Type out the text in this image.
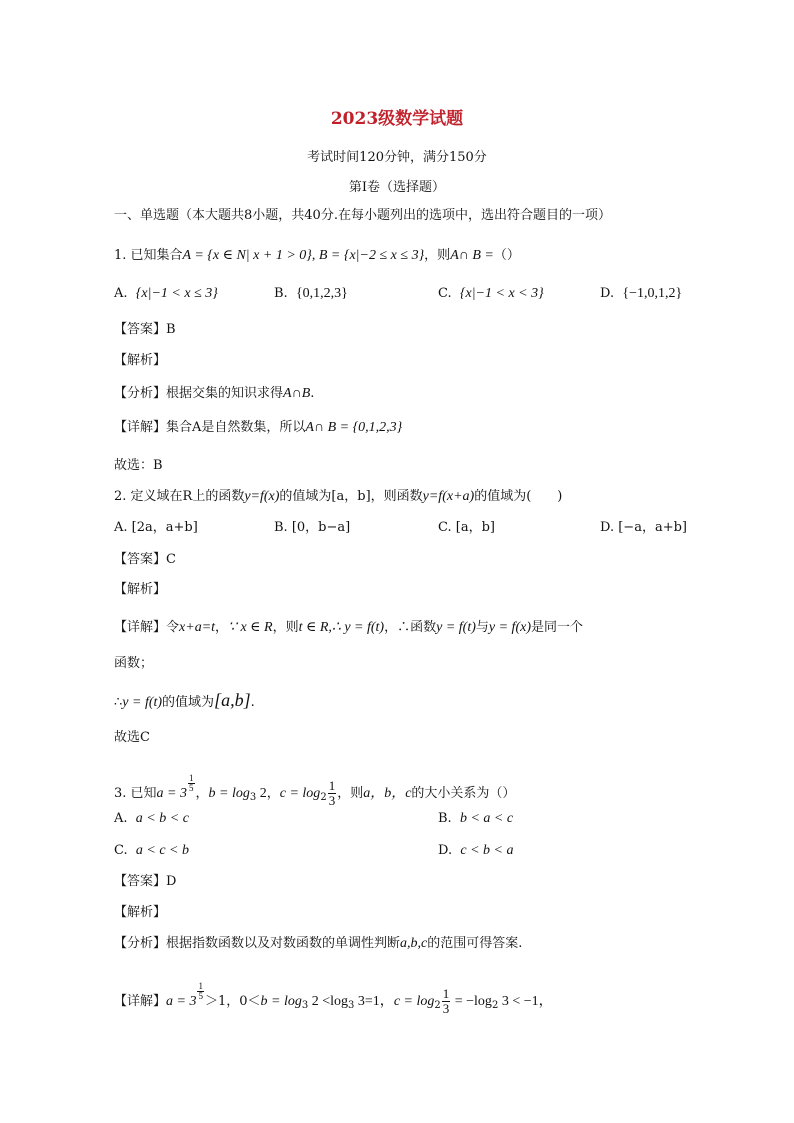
2023级数学试题
考试时间120分钟，满分150分
第I卷（选择题）
一、单选题（本大题共8小题，共40分.在每小题列出的选项中，选出符合题目的一项）
1. 已知集合A = {x ∈ N| x + 1 > 0}, B = {x|−2 ≤ x ≤ 3}，则A∩ B =（）
A. {x|−1 < x ≤ 3}	B. {0,1,2,3}	C. {x|−1 < x < 3}	D. {−1,0,1,2}
【答案】B
【解析】
【分析】根据交集的知识求得A∩B.
【详解】集合A是自然数集，所以A∩ B = {0,1,2,3}
故选：B
2. 定义域在R上的函数y=f(x)的值域为[a，b]，则函数y=f(x+a)的值域为(　　)
A. [2a，a+b]	B. [0，b−a]	C. [a，b]	D. [−a，a+b]
【答案】C
【解析】
【详解】令x+a=t，∵ x ∈ R，则t ∈ R,∴ y = f(t)，∴函数y = f(t)与y = f(x)是同一个
函数；
∴y = f(t)的值域为[a,b].
故选C
3. 已知a = 3
$^{\frac{1}{5}}$
，$b = \log_3 2$，$c = \log_2 \frac{1}{3}$ ，则a，b，c的大小关系为（）
A. a < b < c	B. b < a < c
C. a < c < b	D. c < b < a
【答案】D
【解析】
【分析】根据指数函数以及对数函数的单调性判断a,b,c的范围可得答案.
【详解】a = 3
$^{\frac{1}{5}}$
＞1，$0<b = \log_3 2 <\log_3$ 3=1，$c = \log_2 \frac{1}{3} = -\log_2$ 3 < −1，
